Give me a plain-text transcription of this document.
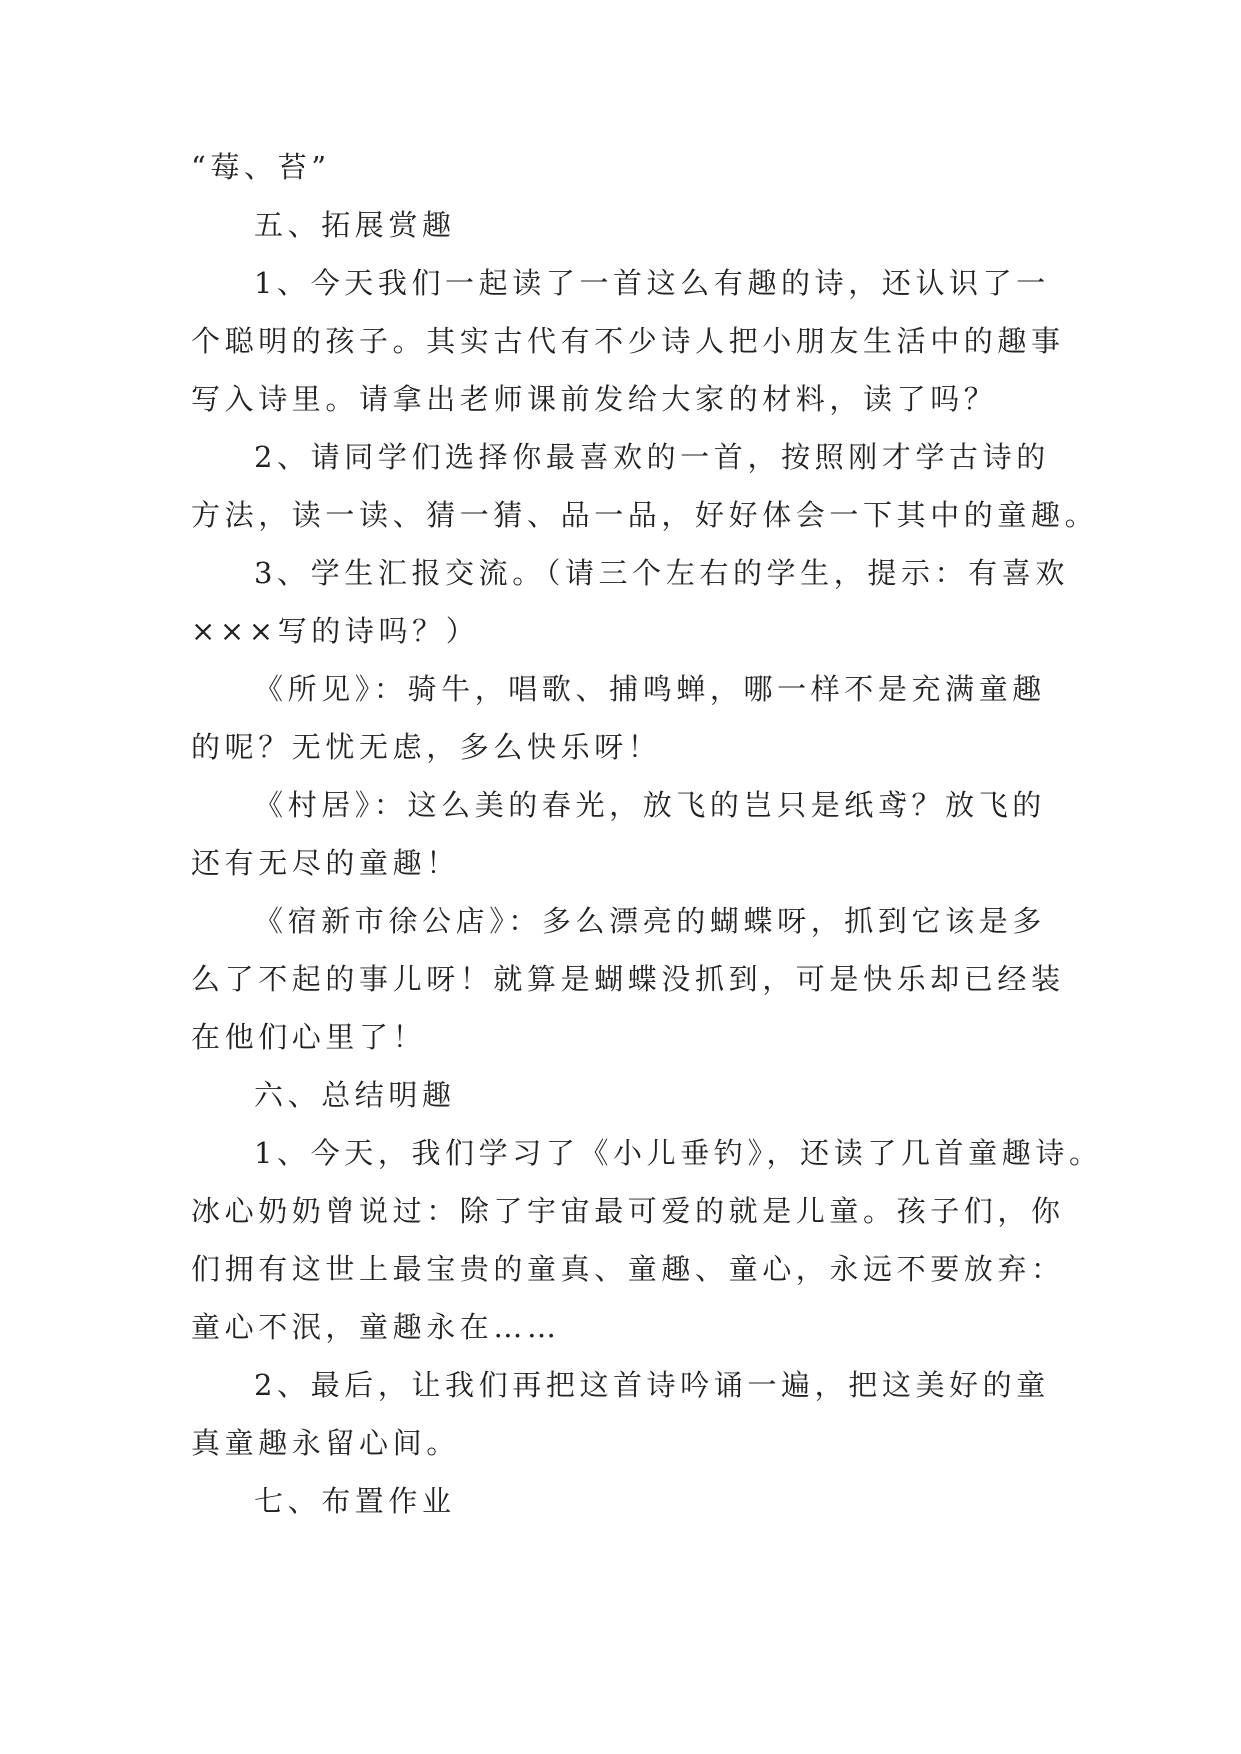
“莓、苔”

五、拓展赏趣

1、今天我们一起读了一首这么有趣的诗，还认识了一

个聪明的孩子。其实古代有不少诗人把小朋友生活中的趣事

写入诗里。请拿出老师课前发给大家的材料，读了吗？

2、请同学们选择你最喜欢的一首，按照刚才学古诗的

方法，读一读、猜一猜、品一品，好好体会一下其中的童趣。

3、学生汇报交流。（请三个左右的学生，提示：有喜欢

×××写的诗吗？）

《所见》：骑牛，唱歌、捕鸣蝉，哪一样不是充满童趣

的呢？无忧无虑，多么快乐呀！

《村居》：这么美的春光，放飞的岂只是纸鸢？放飞的

还有无尽的童趣！

《宿新市徐公店》：多么漂亮的蝴蝶呀，抓到它该是多

么了不起的事儿呀！就算是蝴蝶没抓到，可是快乐却已经装

在他们心里了！

六、总结明趣

1、今天，我们学习了《小儿垂钓》，还读了几首童趣诗。

冰心奶奶曾说过：除了宇宙最可爱的就是儿童。孩子们，你

们拥有这世上最宝贵的童真、童趣、童心，永远不要放弃：

童心不泯，童趣永在……

2、最后，让我们再把这首诗吟诵一遍，把这美好的童

真童趣永留心间。

七、布置作业
